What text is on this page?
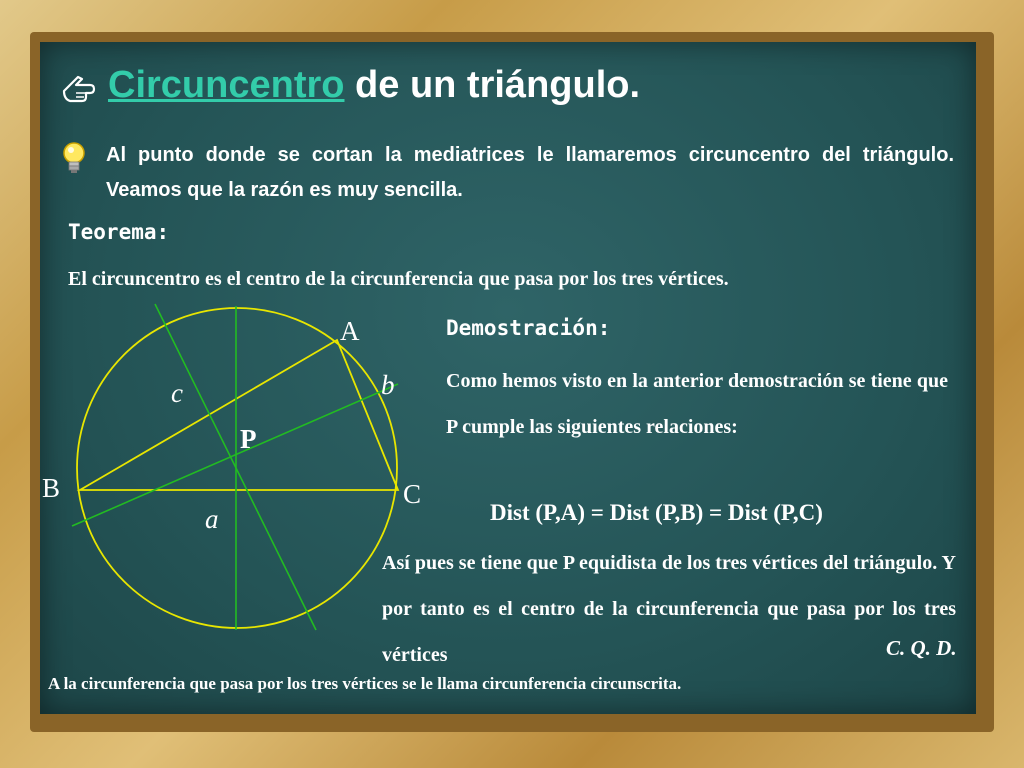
Circuncentro de un triángulo.
Al punto donde se cortan la mediatrices le llamaremos circuncentro del triángulo. Veamos que la razón es muy sencilla.
Teorema:
El circuncentro es el centro de la circunferencia que pasa por los tres vértices.
A
B	C
P
a
b
c
Demostración:
Como hemos visto en la anterior demostración se tiene que P cumple las siguientes relaciones:
Dist (P,A) = Dist (P,B) = Dist (P,C)
Así pues se tiene que P equidista de los tres vértices del triángulo. Y por tanto es el centro de la circunferencia que pasa por los tres vértices	C. Q. D.
A la circunferencia que pasa por los tres vértices se le llama circunferencia circunscrita.
